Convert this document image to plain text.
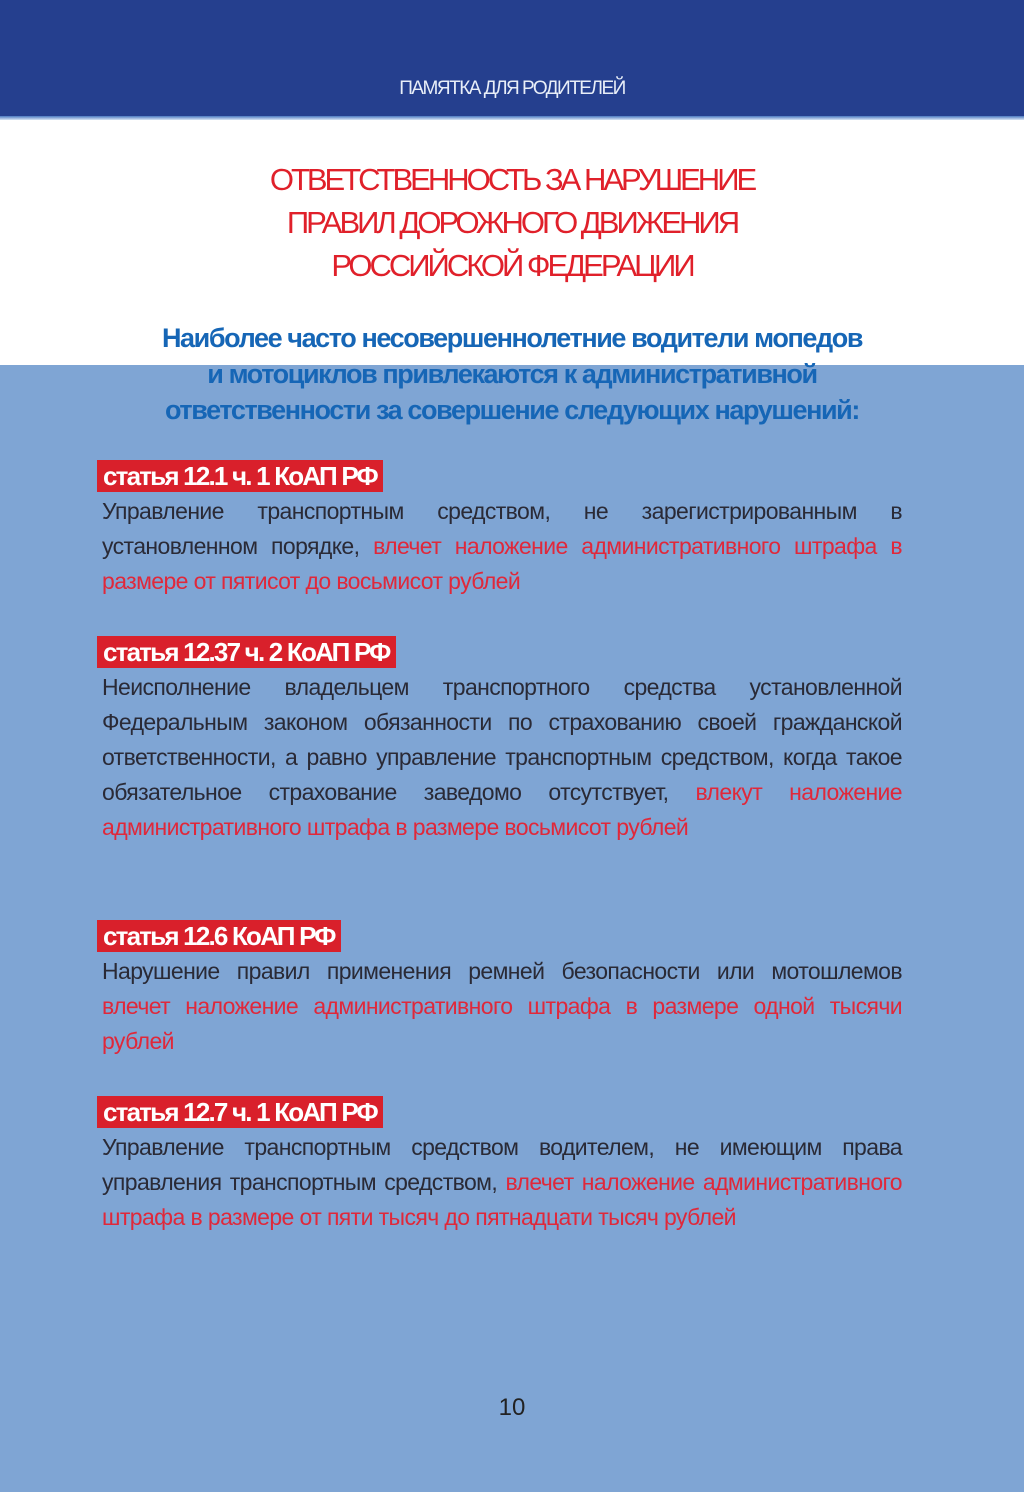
ПАМЯТКА ДЛЯ РОДИТЕЛЕЙ
ОТВЕТСТВЕННОСТЬ ЗА НАРУШЕНИЕ
ПРАВИЛ ДОРОЖНОГО ДВИЖЕНИЯ
РОССИЙСКОЙ ФЕДЕРАЦИИ
Наиболее часто несовершеннолетние водители мопедов
и мотоциклов привлекаются к административной
ответственности за совершение следующих нарушений:
статья 12.1 ч. 1 КоАП РФ
Управление транспортным средством, не зарегистрированным в установленном порядке, влечет наложение административного штрафа в размере от пятисот до восьмисот рублей
статья 12.37 ч. 2 КоАП РФ
Неисполнение владельцем транспортного средства установленной Федеральным законом обязанности по страхованию своей гражданской ответственности, а равно управление транспортным средством, когда такое обязательное страхование заведомо отсутствует, влекут наложение административного штрафа в размере восьмисот рублей
статья 12.6 КоАП РФ
Нарушение правил применения ремней безопасности или мотошлемов влечет наложение административного штрафа в размере одной тысячи рублей
статья 12.7 ч. 1 КоАП РФ
Управление транспортным средством водителем, не имеющим права управления транспортным средством, влечет наложение административного штрафа в размере от пяти тысяч до пятнадцати тысяч рублей
10
